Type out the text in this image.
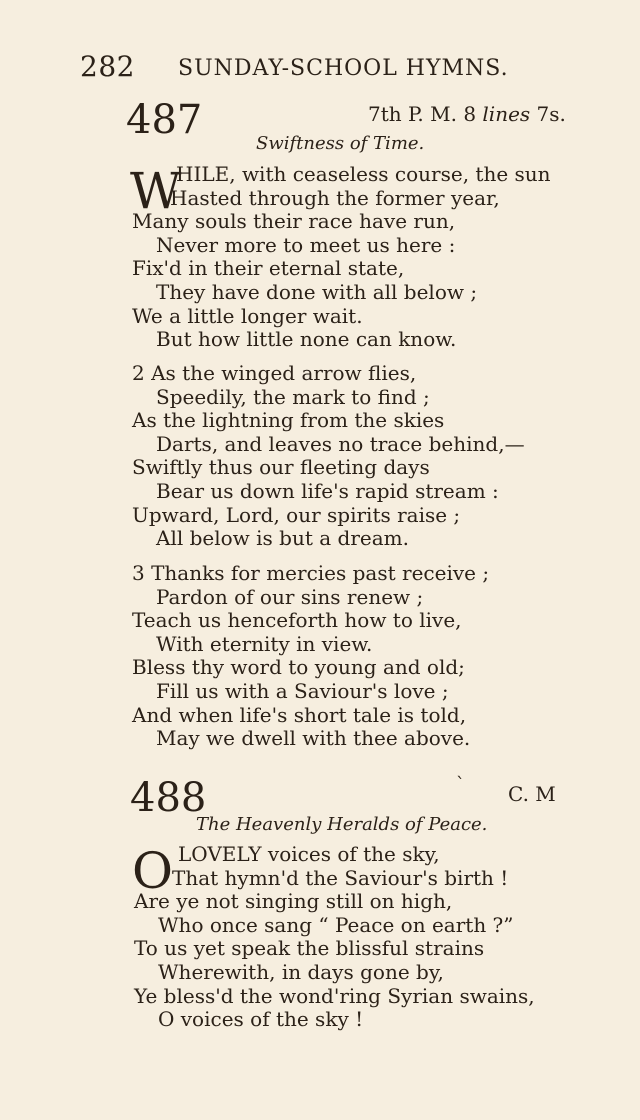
282 SUNDAY-SCHOOL HYMNS.
487	7th P. M. 8 lines 7s.
Swiftness of Time.
W
HILE, with ceaseless course, the sun
Hasted through the former year,
Many souls their race have run,
Never more to meet us here :
Fix'd in their eternal state,
They have done with all below ;
We a little longer wait.
But how little none can know.
2 As the winged arrow flies,
Speedily, the mark to find ;
As the lightning from the skies
Darts, and leaves no trace behind,—
Swiftly thus our fleeting days
Bear us down life's rapid stream :
Upward, Lord, our spirits raise ;
All below is but a dream.
3 Thanks for mercies past receive ;
Pardon of our sins renew ;
Teach us henceforth how to live,
With eternity in view.
Bless thy word to young and old;
Fill us with a Saviour's love ;
And when life's short tale is told,
May we dwell with thee above.
488	` C. M
The Heavenly Heralds of Peace.
O LOVELY voices of the sky,
That hymn'd the Saviour's birth !
Are ye not singing still on high,
Who once sang “ Peace on earth ?”
To us yet speak the blissful strains
Wherewith, in days gone by,
Ye bless'd the wond'ring Syrian swains,
O voices of the sky !
